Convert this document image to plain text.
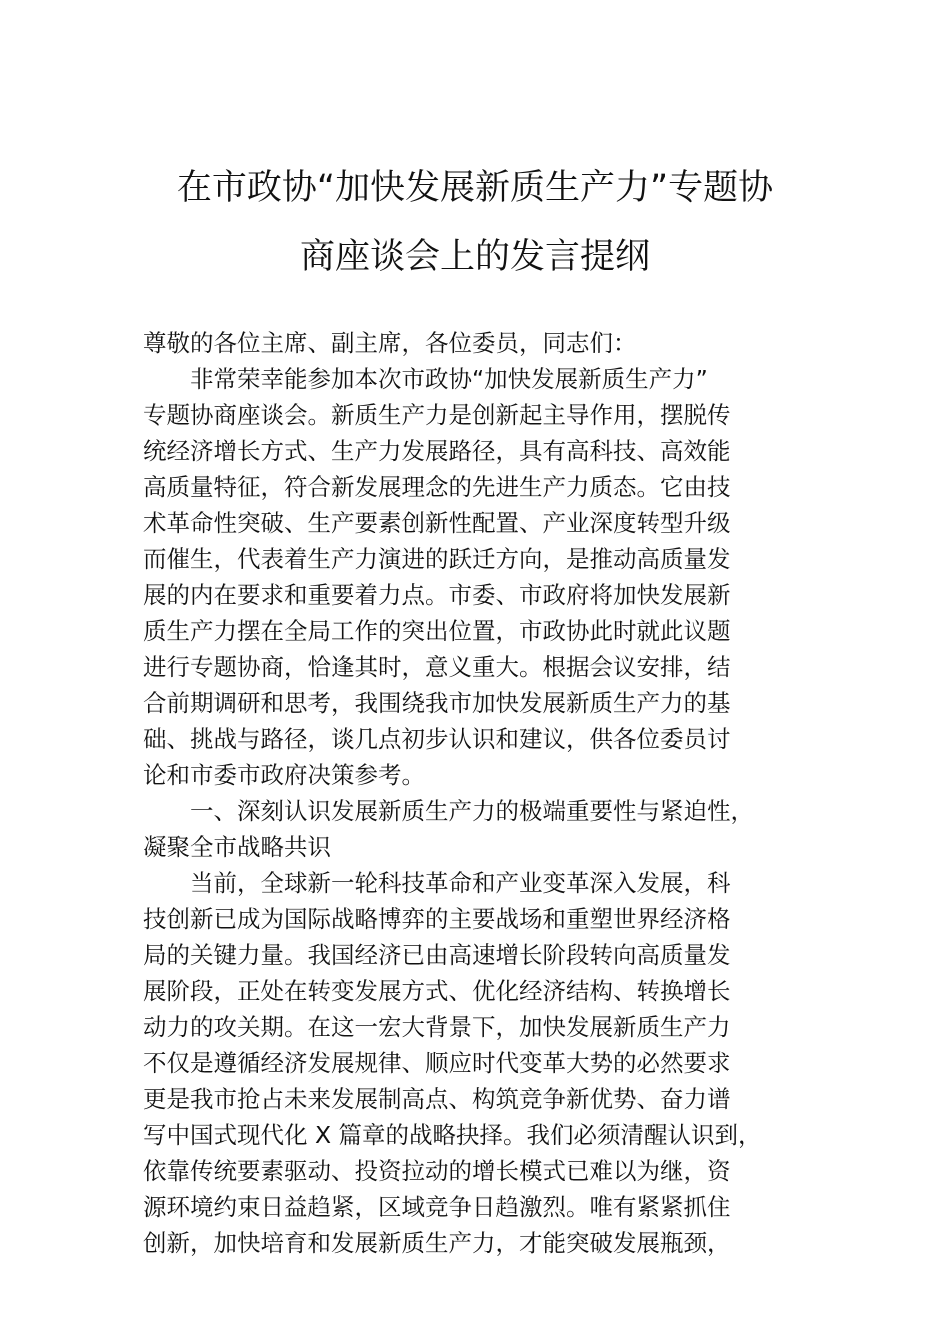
在市政协“加快发展新质生产力”专题协
商座谈会上的发言提纲
尊敬的各位主席、副主席，各位委员，同志们：
非常荣幸能参加本次市政协“加快发展新质生产力”
专题协商座谈会。新质生产力是创新起主导作用，摆脱传
统经济增长方式、生产力发展路径，具有高科技、高效能
高质量特征，符合新发展理念的先进生产力质态。它由技
术革命性突破、生产要素创新性配置、产业深度转型升级
而催生，代表着生产力演进的跃迁方向，是推动高质量发
展的内在要求和重要着力点。市委、市政府将加快发展新
质生产力摆在全局工作的突出位置，市政协此时就此议题
进行专题协商，恰逢其时，意义重大。根据会议安排，结
合前期调研和思考，我围绕我市加快发展新质生产力的基
础、挑战与路径，谈几点初步认识和建议，供各位委员讨
论和市委市政府决策参考。
一、深刻认识发展新质生产力的极端重要性与紧迫性，
凝聚全市战略共识
当前，全球新一轮科技革命和产业变革深入发展，科
技创新已成为国际战略博弈的主要战场和重塑世界经济格
局的关键力量。我国经济已由高速增长阶段转向高质量发
展阶段，正处在转变发展方式、优化经济结构、转换增长
动力的攻关期。在这一宏大背景下，加快发展新质生产力
不仅是遵循经济发展规律、顺应时代变革大势的必然要求
更是我市抢占未来发展制高点、构筑竞争新优势、奋力谱
写中国式现代化 X 篇章的战略抉择。我们必须清醒认识到，
依靠传统要素驱动、投资拉动的增长模式已难以为继，资
源环境约束日益趋紧，区域竞争日趋激烈。唯有紧紧抓住
创新，加快培育和发展新质生产力，才能突破发展瓶颈，
